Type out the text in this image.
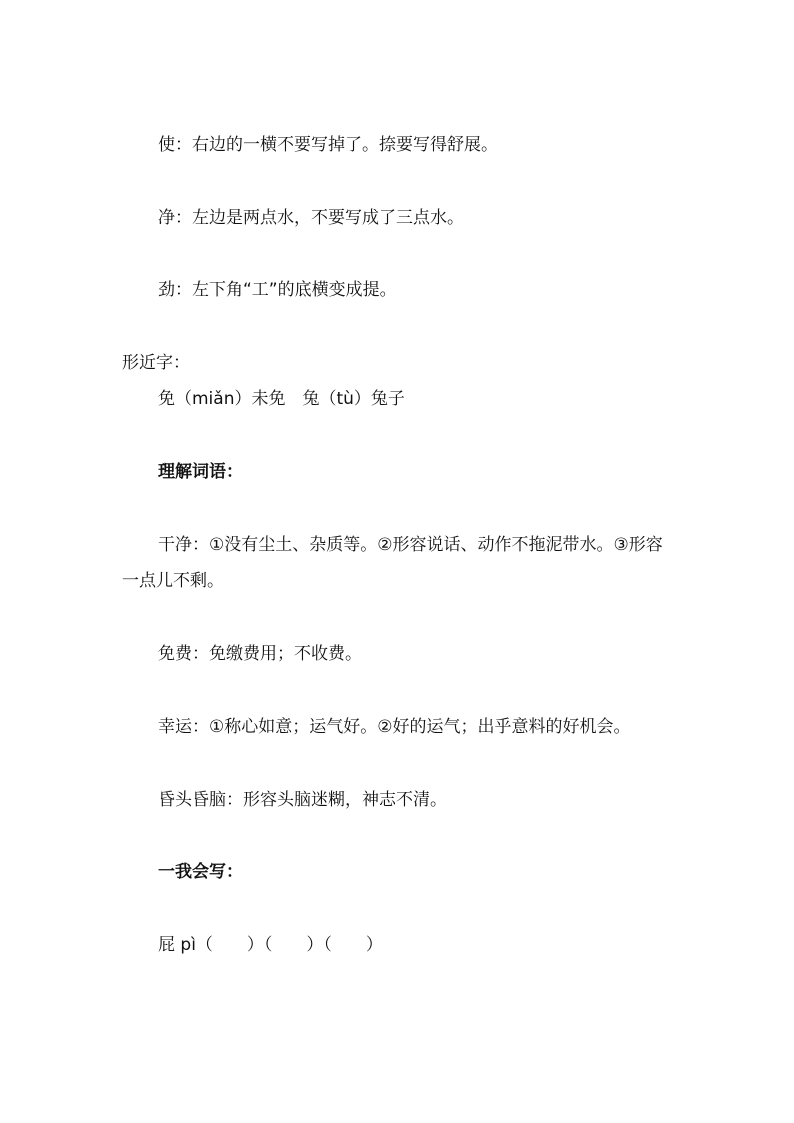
使：右边的一横不要写掉了。捺要写得舒展。
净：左边是两点水，不要写成了三点水。
劲：左下角“工”的底横变成提。
形近字：
免（miǎn）未免　兔（tù）兔子
理解词语：
干净：①没有尘土、杂质等。②形容说话、动作不拖泥带水。③形容
一点儿不剩。
免费：免缴费用；不收费。
幸运：①称心如意；运气好。②好的运气；出乎意料的好机会。
昏头昏脑：形容头脑迷糊，神志不清。
一我会写：
屁 pì（　　）（　　）（　　）
